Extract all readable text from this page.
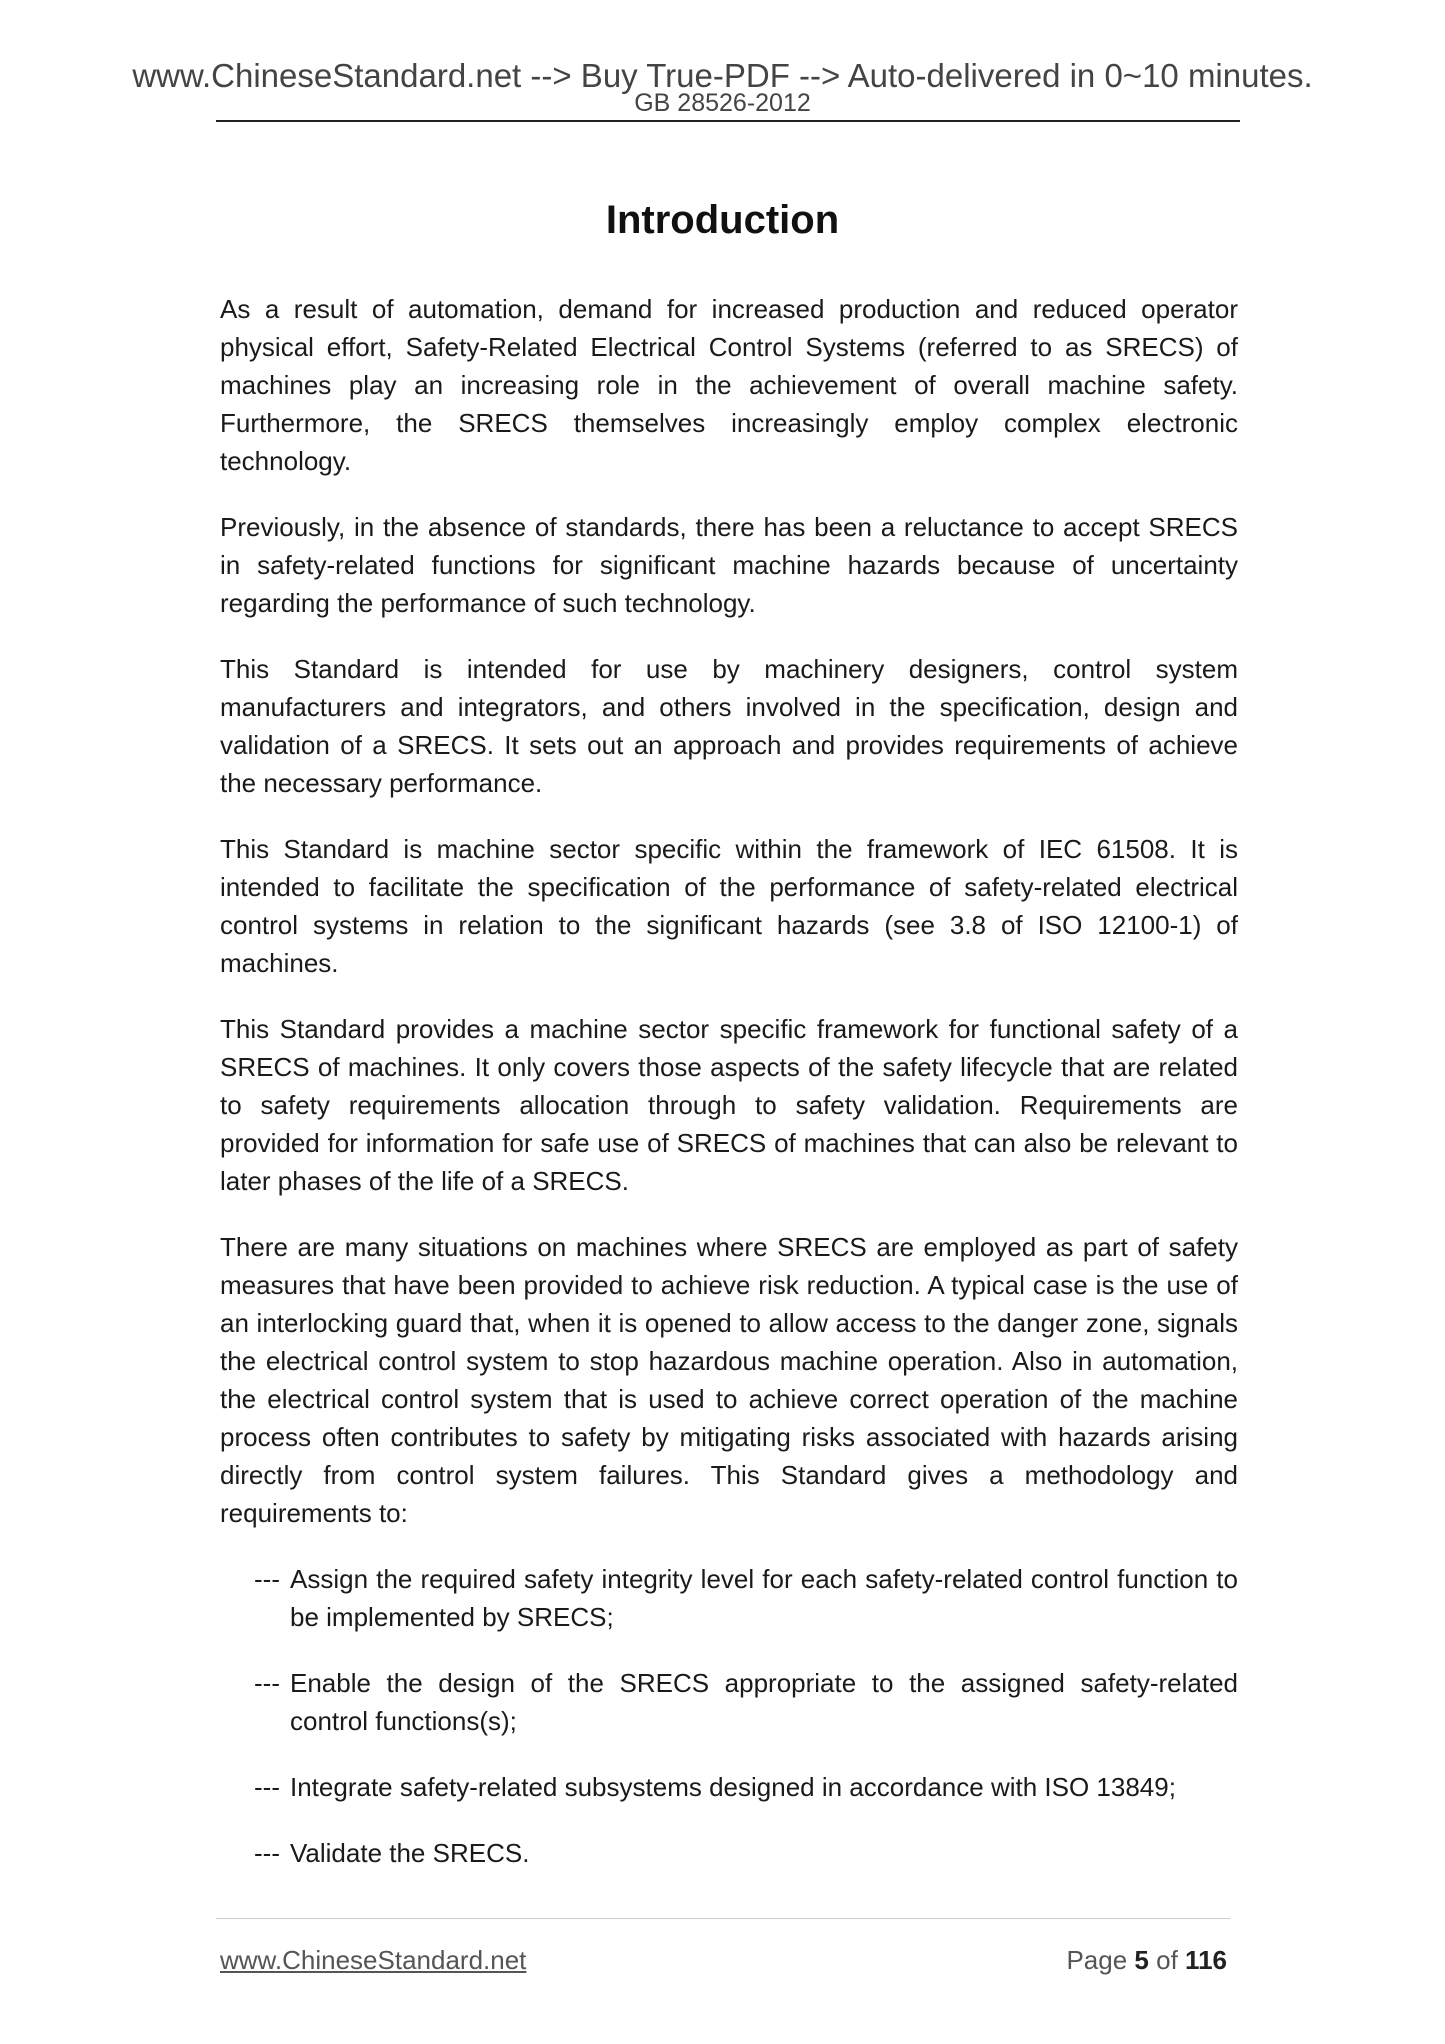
www.ChineseStandard.net --> Buy True-PDF --> Auto-delivered in 0~10 minutes.
GB 28526-2012
Introduction

As a result of automation, demand for increased production and reduced operator physical effort, Safety-Related Electrical Control Systems (referred to as SRECS) of machines play an increasing role in the achievement of overall machine safety. Furthermore, the SRECS themselves increasingly employ complex electronic technology.

Previously, in the absence of standards, there has been a reluctance to accept SRECS in safety-related functions for significant machine hazards because of uncertainty regarding the performance of such technology.

This Standard is intended for use by machinery designers, control system manufacturers and integrators, and others involved in the specification, design and validation of a SRECS. It sets out an approach and provides requirements of achieve the necessary performance.

This Standard is machine sector specific within the framework of IEC 61508. It is intended to facilitate the specification of the performance of safety-related electrical control systems in relation to the significant hazards (see 3.8 of ISO 12100-1) of machines.

This Standard provides a machine sector specific framework for functional safety of a SRECS of machines. It only covers those aspects of the safety lifecycle that are related to safety requirements allocation through to safety validation. Requirements are provided for information for safe use of SRECS of machines that can also be relevant to later phases of the life of a SRECS.

There are many situations on machines where SRECS are employed as part of safety measures that have been provided to achieve risk reduction. A typical case is the use of an interlocking guard that, when it is opened to allow access to the danger zone, signals the electrical control system to stop hazardous machine operation. Also in automation, the electrical control system that is used to achieve correct operation of the machine process often contributes to safety by mitigating risks associated with hazards arising directly from control system failures. This Standard gives a methodology and requirements to:

--- Assign the required safety integrity level for each safety-related control function to be implemented by SRECS;
--- Enable the design of the SRECS appropriate to the assigned safety-related control functions(s);
--- Integrate safety-related subsystems designed in accordance with ISO 13849;
--- Validate the SRECS.
www.ChineseStandard.net	Page 5 of 116
